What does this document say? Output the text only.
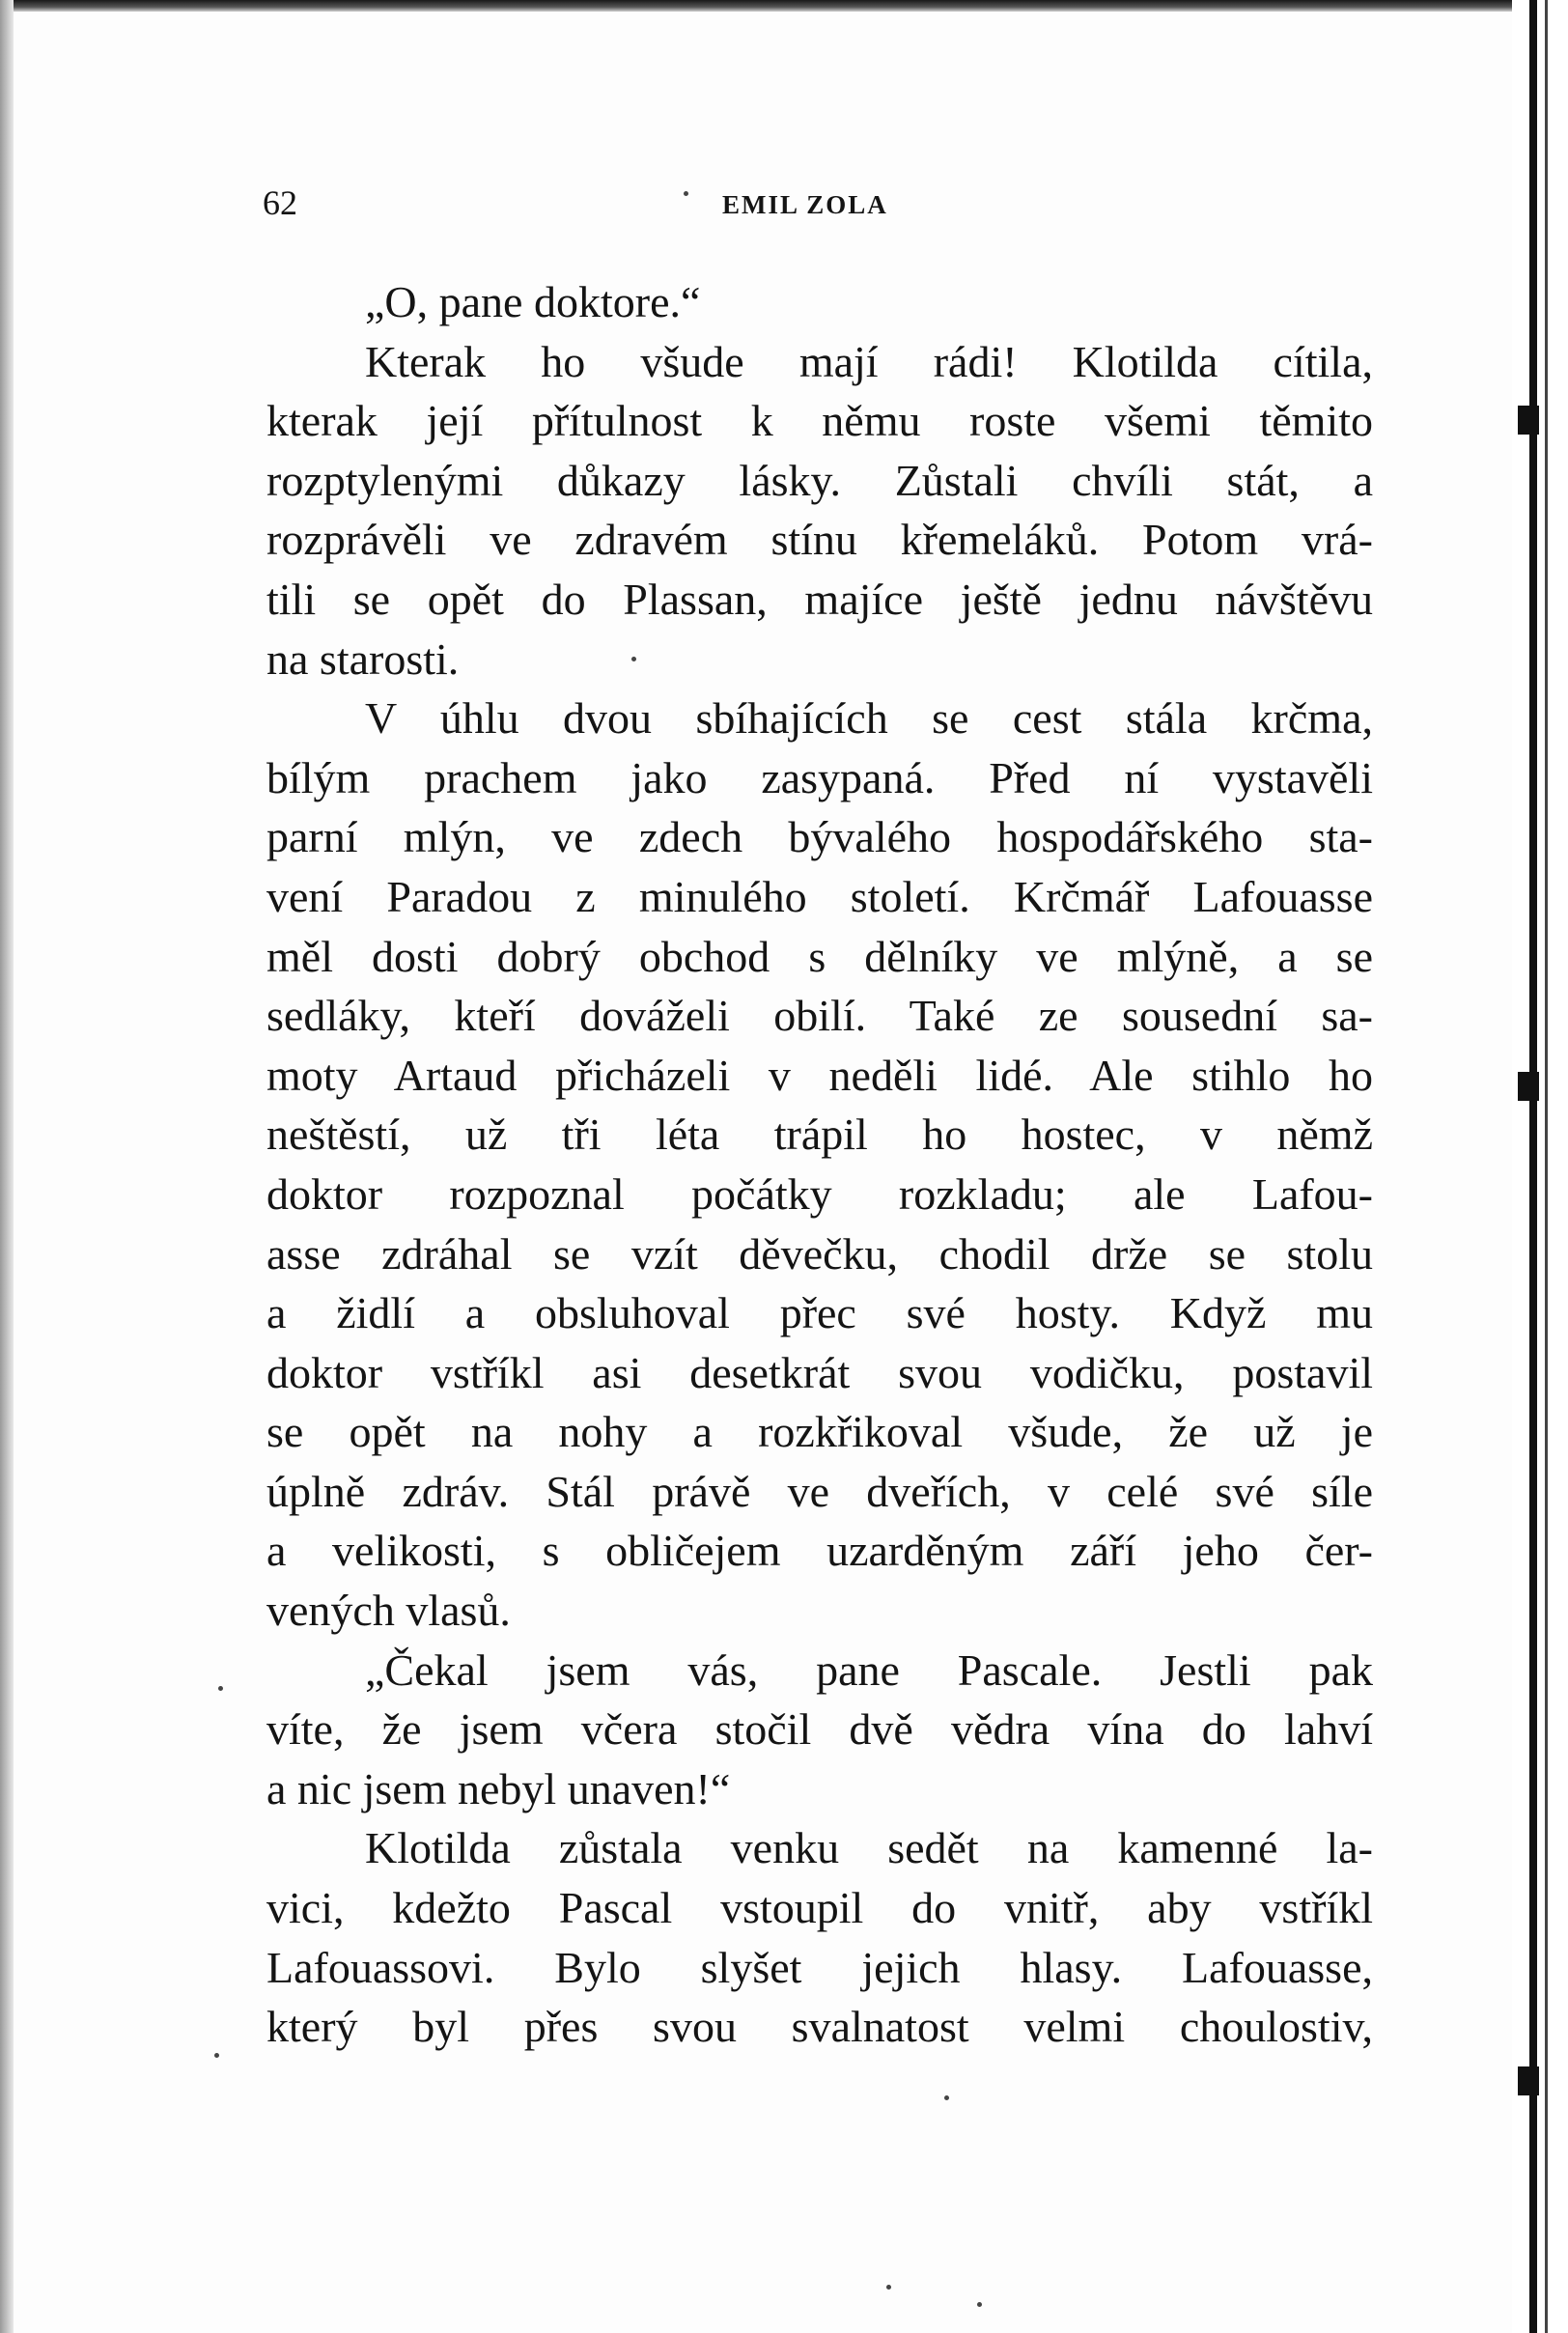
62	EMIL ZOLA
„O, pane doktore.“
Kterak ho všude mají rádi! Klotilda cítila,
kterak její přítulnost k němu roste všemi těmito
rozptylenými důkazy lásky. Zůstali chvíli stát, a
rozprávěli ve zdravém stínu křemeláků. Potom vrá-
tili se opět do Plassan, majíce ještě jednu návštěvu
na starosti.
V úhlu dvou sbíhajících se cest stála krčma,
bílým prachem jako zasypaná. Před ní vystavěli
parní mlýn, ve zdech bývalého hospodářského sta-
vení Paradou z minulého století. Krčmář Lafouasse
měl dosti dobrý obchod s dělníky ve mlýně, a se
sedláky, kteří dováželi obilí. Také ze sousední sa-
moty Artaud přicházeli v neděli lidé. Ale stihlo ho
neštěstí, už tři léta trápil ho hostec, v němž
doktor rozpoznal počátky rozkladu; ale Lafou-
asse zdráhal se vzít děvečku, chodil drže se stolu
a židlí a obsluhoval přec své hosty. Když mu
doktor vstříkl asi desetkrát svou vodičku, postavil
se opět na nohy a rozkřikoval všude, že už je
úplně zdráv. Stál právě ve dveřích, v celé své síle
a velikosti, s obličejem uzarděným září jeho čer-
vených vlasů.
„Čekal jsem vás, pane Pascale. Jestli pak
víte, že jsem včera stočil dvě vědra vína do lahví
a nic jsem nebyl unaven!“
Klotilda zůstala venku sedět na kamenné la-
vici, kdežto Pascal vstoupil do vnitř, aby vstříkl
Lafouassovi. Bylo slyšet jejich hlasy. Lafouasse,
který byl přes svou svalnatost velmi choulostiv,
